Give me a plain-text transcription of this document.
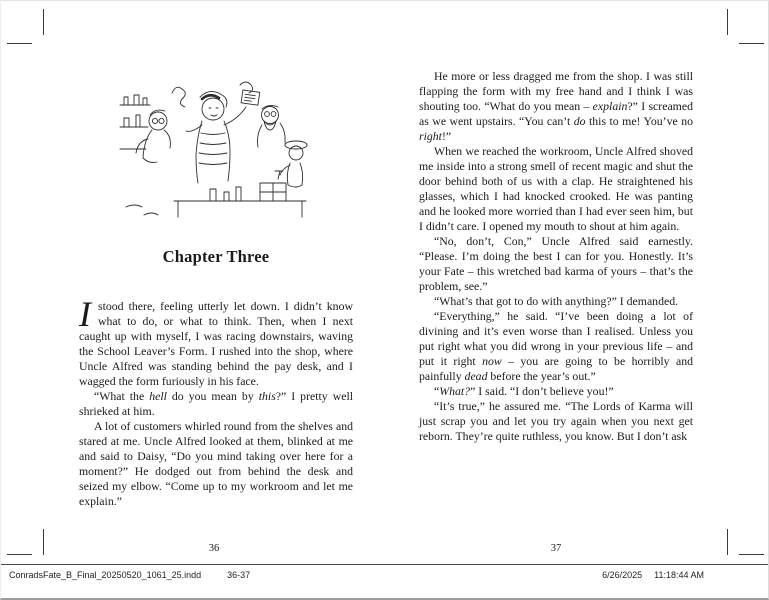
Chapter Three

Istood there, feeling utterly let down. I didn’t know what to do, or what to think. Then, when I next caught up with myself, I was racing downstairs, waving the School Leaver’s Form. I rushed into the shop, where Uncle Alfred was standing behind the pay desk, and I wagged the form furiously in his face.

“What the hell do you mean by this?” I pretty well shrieked at him.

A lot of customers whirled round from the shelves and stared at me. Uncle Alfred looked at them, blinked at me and said to Daisy, “Do you mind taking over here for a moment?” He dodged out from behind the desk and seized my elbow. “Come up to my workroom and let me explain.”

36

He more or less dragged me from the shop. I was still flapping the form with my free hand and I think I was shouting too. “What do you mean – explain?” I screamed as we went upstairs. “You can’t do this to me! You’ve no right!”

When we reached the workroom, Uncle Alfred shoved me inside into a strong smell of recent magic and shut the door behind both of us with a clap. He straightened his glasses, which I had knocked crooked. He was panting and he looked more worried than I had ever seen him, but I didn’t care. I opened my mouth to shout at him again.

“No, don’t, Con,” Uncle Alfred said earnestly. “Please. I’m doing the best I can for you. Honestly. It’s your Fate – this wretched bad karma of yours – that’s the problem, see.”

“What’s that got to do with anything?” I demanded.

“Everything,” he said. “I’ve been doing a lot of divining and it’s even worse than I realised. Unless you put right what you did wrong in your previous life – and put it right now – you are going to be horribly and painfully dead before the year’s out.”

“What?” I said. “I don’t believe you!”

“It’s true,” he assured me. “The Lords of Karma will just scrap you and let you try again when you next get reborn. They’re quite ruthless, you know. But I don’t ask

37
ConradsFate_B_Final_20250520_1061_25.indd	36-37	6/26/2025 11:18:44 AM
